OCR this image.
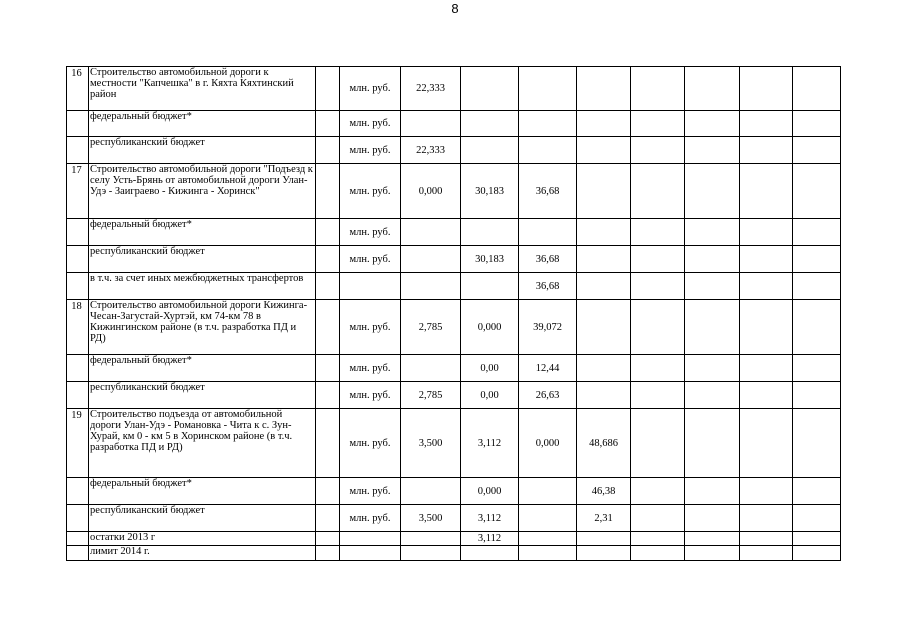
8
16	Строительство автомобильной дороги к местности "Капчешка" в г. Кяхта Кяхтинский район		млн. руб.	22,333							
	федеральный бюджет*		млн. руб.								
	республиканский бюджет		млн. руб.	22,333							
17	Строительство автомобильной дороги "Подъезд к селу Усть-Брянь от автомобильной дороги Улан-Удэ - Заиграево - Кижинга - Хоринск"		млн. руб.	0,000	30,183	36,68					
	федеральный бюджет*		млн. руб.								
	республиканский бюджет		млн. руб.		30,183	36,68					
	в т.ч. за счет иных межбюджетных трансфертов					36,68					
18	Строительство автомобильной дороги Кижинга-Чесан-Загустай-Хуртэй, км 74-км 78 в Кижингинском районе (в т.ч. разработка ПД и РД)		млн. руб.	2,785	0,000	39,072					
	федеральный бюджет*		млн. руб.		0,00	12,44					
	республиканский бюджет		млн. руб.	2,785	0,00	26,63					
19	Строительство подъезда от автомобильной дороги Улан-Удэ - Романовка - Чита к с. Зун-Хурай, км 0 - км 5 в Хоринском районе (в т.ч. разработка ПД и РД)		млн. руб.	3,500	3,112	0,000	48,686				
	федеральный бюджет*		млн. руб.		0,000		46,38				
	республиканский бюджет		млн. руб.	3,500	3,112		2,31				
	остатки 2013 г				3,112						
	лимит 2014 г.										
